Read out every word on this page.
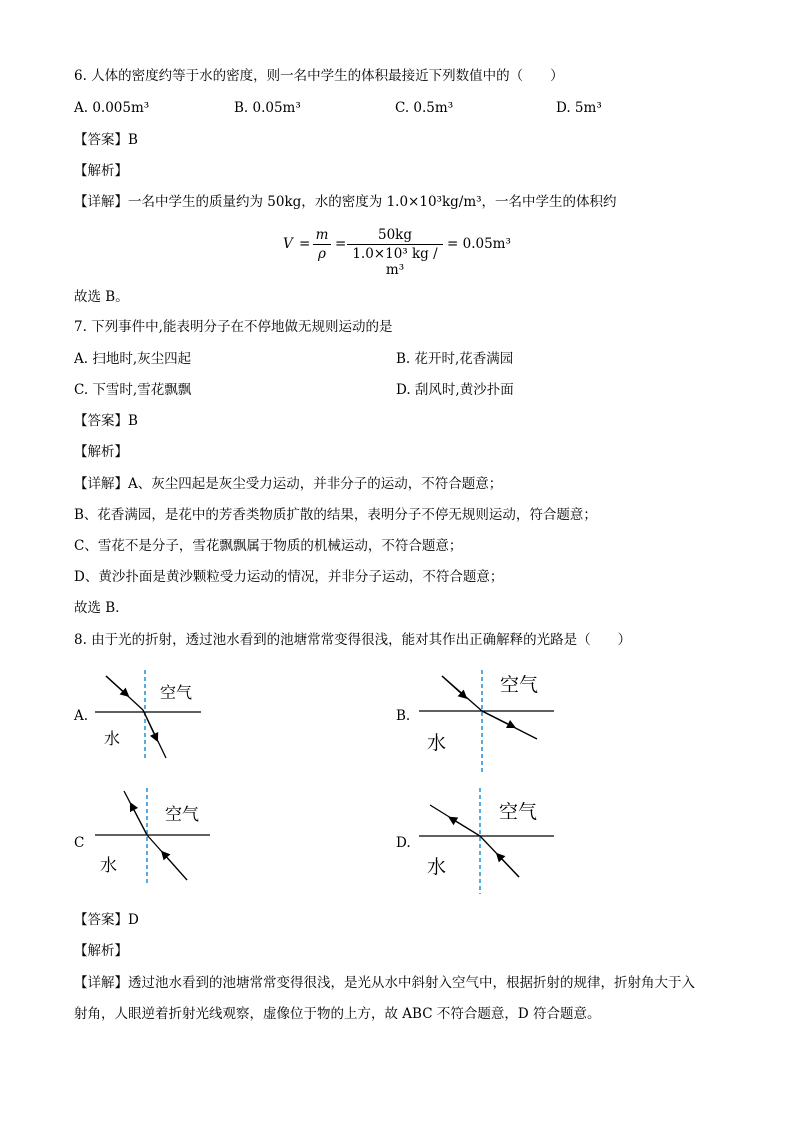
6. 人体的密度约等于水的密度，则一名中学生的体积最接近下列数值中的（　　）
A. 0.005m³	B. 0.05m³	C. 0.5m³	D. 5m³
【答案】B
【解析】
【详解】一名中学生的质量约为 50kg，水的密度为 1.0×10³kg/m³，一名中学生的体积约
V =
m
ρ
=
50kg
1.0×10³ kg / m³
= 0.05m³
故选 B。
7. 下列事件中,能表明分子在不停地做无规则运动的是
A. 扫地时,灰尘四起	B. 花开时,花香满园
C. 下雪时,雪花飘飘	D. 刮风时,黄沙扑面
【答案】B
【解析】
【详解】A、灰尘四起是灰尘受力运动，并非分子的运动，不符合题意；
B、花香满园，是花中的芳香类物质扩散的结果，表明分子不停无规则运动，符合题意；
C、雪花不是分子，雪花飘飘属于物质的机械运动，不符合题意；
D、黄沙扑面是黄沙颗粒受力运动的情况，并非分子运动，不符合题意；
故选 B．
8. 由于光的折射，透过池水看到的池塘常常变得很浅，能对其作出正确解释的光路是（　　）
A.
空气
水
B.
空气
水
C
空气
水
D.
空气
水
【答案】D
【解析】
【详解】透过池水看到的池塘常常变得很浅，是光从水中斜射入空气中，根据折射的规律，折射角大于入
射角，人眼逆着折射光线观察，虚像位于物的上方，故 ABC 不符合题意，D 符合题意。
